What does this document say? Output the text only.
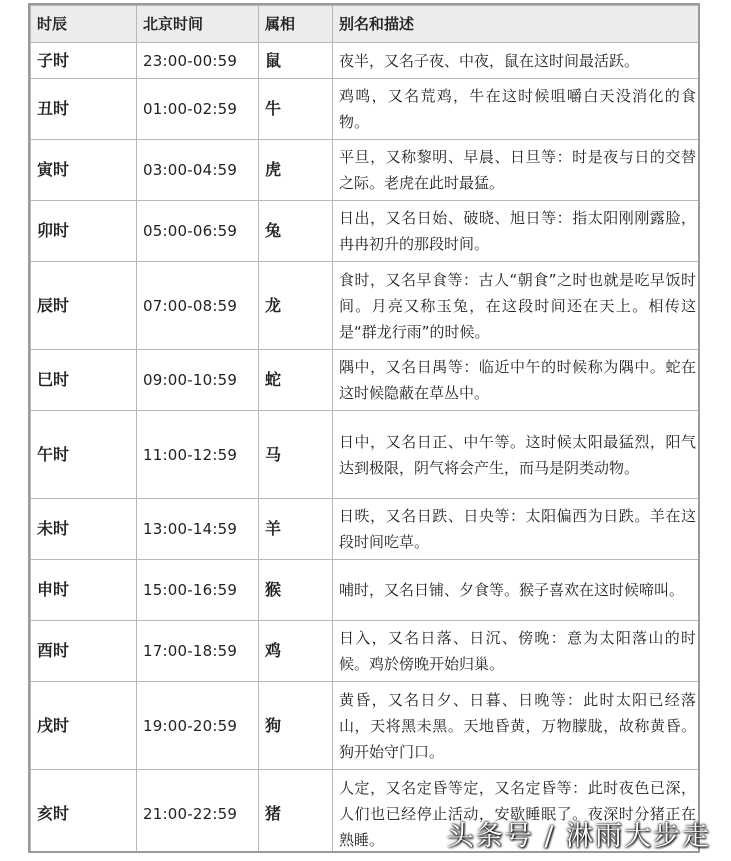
时辰	北京时间	属相	别名和描述
子时	23:00-00:59	鼠	夜半，又名子夜、中夜，鼠在这时间最活跃。
丑时	01:00-02:59	牛	鸡鸣，又名荒鸡，牛在这时候咀嚼白天没消化的食物。
寅时	03:00-04:59	虎	平旦，又称黎明、早晨、日旦等：时是夜与日的交替之际。老虎在此时最猛。
卯时	05:00-06:59	兔	日出，又名日始、破晓、旭日等：指太阳刚刚露脸，冉冉初升的那段时间。
辰时	07:00-08:59	龙	食时，又名早食等：古人“朝食”之时也就是吃早饭时间。月亮又称玉兔，在这段时间还在天上。相传这是“群龙行雨”的时候。
巳时	09:00-10:59	蛇	隅中，又名日禺等：临近中午的时候称为隅中。蛇在这时候隐蔽在草丛中。
午时	11:00-12:59	马	日中，又名日正、中午等。这时候太阳最猛烈，阳气达到极限，阴气将会产生，而马是阴类动物。
未时	13:00-14:59	羊	日昳，又名日跌、日央等：太阳偏西为日跌。羊在这段时间吃草。
申时	15:00-16:59	猴	哺时，又名日铺、夕食等。猴子喜欢在这时候啼叫。
酉时	17:00-18:59	鸡	日入，又名日落、日沉、傍晚：意为太阳落山的时候。鸡於傍晚开始归巢。
戌时	19:00-20:59	狗	黄昏，又名日夕、日暮、日晚等：此时太阳已经落山，天将黑未黑。天地昏黄，万物朦胧，故称黄昏。狗开始守门口。
亥时	21:00-22:59	猪	人定，又名定昏等定，又名定昏等：此时夜色已深，人们也已经停止活动，安歇睡眠了。夜深时分猪正在熟睡。 头条号 / 淋雨大步走
